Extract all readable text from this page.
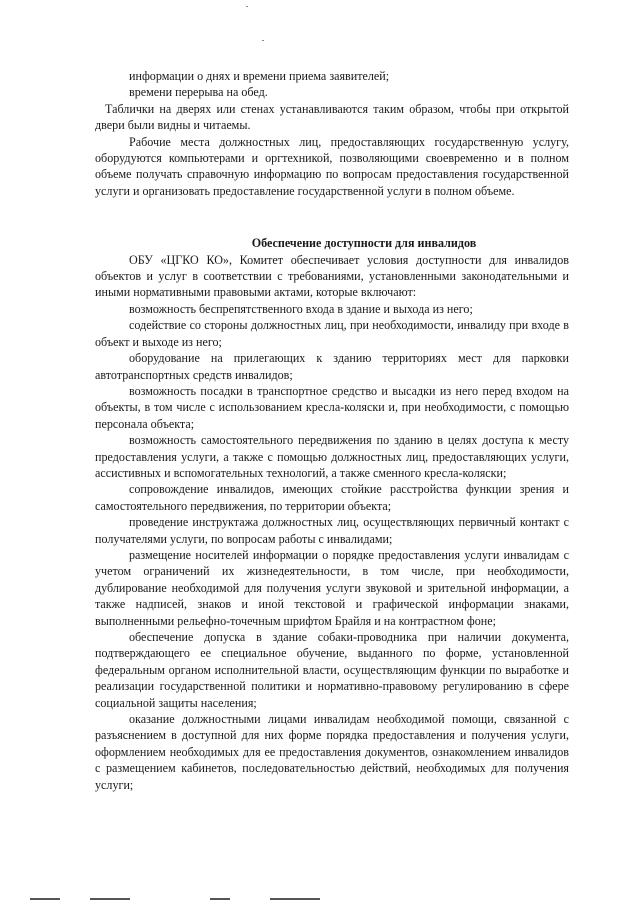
информации о днях и времени приема заявителей;

времени перерыва на обед.

Таблички на дверях или стенах устанавливаются таким образом, чтобы при открытой двери были видны и читаемы.

Рабочие места должностных лиц, предоставляющих государственную услугу, оборудуются компьютерами и оргтехникой, позволяющими своевременно и в полном объеме получать справочную информацию по вопросам предоставления государственной услуги и организовать предоставление государственной услуги в полном объеме.

Обеспечение доступности для инвалидов

ОБУ «ЦГКО КО», Комитет обеспечивает условия доступности для инвалидов объектов и услуг в соответствии с требованиями, установленными законодательными и иными нормативными правовыми актами, которые включают:

возможность беспрепятственного входа в здание и выхода из него;

содействие со стороны должностных лиц, при необходимости, инвалиду при входе в объект и выходе из него;

оборудование на прилегающих к зданию территориях мест для парковки автотранспортных средств инвалидов;

возможность посадки в транспортное средство и высадки из него перед входом на объекты, в том числе с использованием кресла-коляски и, при необходимости, с помощью персонала объекта;

возможность самостоятельного передвижения по зданию в целях доступа к месту предоставления услуги, а также с помощью должностных лиц, предоставляющих услуги, ассистивных и вспомогательных технологий, а также сменного кресла-коляски;

сопровождение инвалидов, имеющих стойкие расстройства функции зрения и самостоятельного передвижения, по территории объекта;

проведение инструктажа должностных лиц, осуществляющих первичный контакт с получателями услуги, по вопросам работы с инвалидами;

размещение носителей информации о порядке предоставления услуги инвалидам с учетом ограничений их жизнедеятельности, в том числе, при необходимости, дублирование необходимой для получения услуги звуковой и зрительной информации, а также надписей, знаков и иной текстовой и графической информации знаками, выполненными рельефно-точечным шрифтом Брайля и на контрастном фоне;

обеспечение допуска в здание собаки-проводника при наличии документа, подтверждающего ее специальное обучение, выданного по форме, установленной федеральным органом исполнительной власти, осуществляющим функции по выработке и реализации государственной политики и нормативно-правовому регулированию в сфере социальной защиты населения;

оказание должностными лицами инвалидам необходимой помощи, связанной с разъяснением в доступной для них форме порядка предоставления и получения услуги, оформлением необходимых для ее предоставления документов, ознакомлением инвалидов с размещением кабинетов, последовательностью действий, необходимых для получения услуги;
